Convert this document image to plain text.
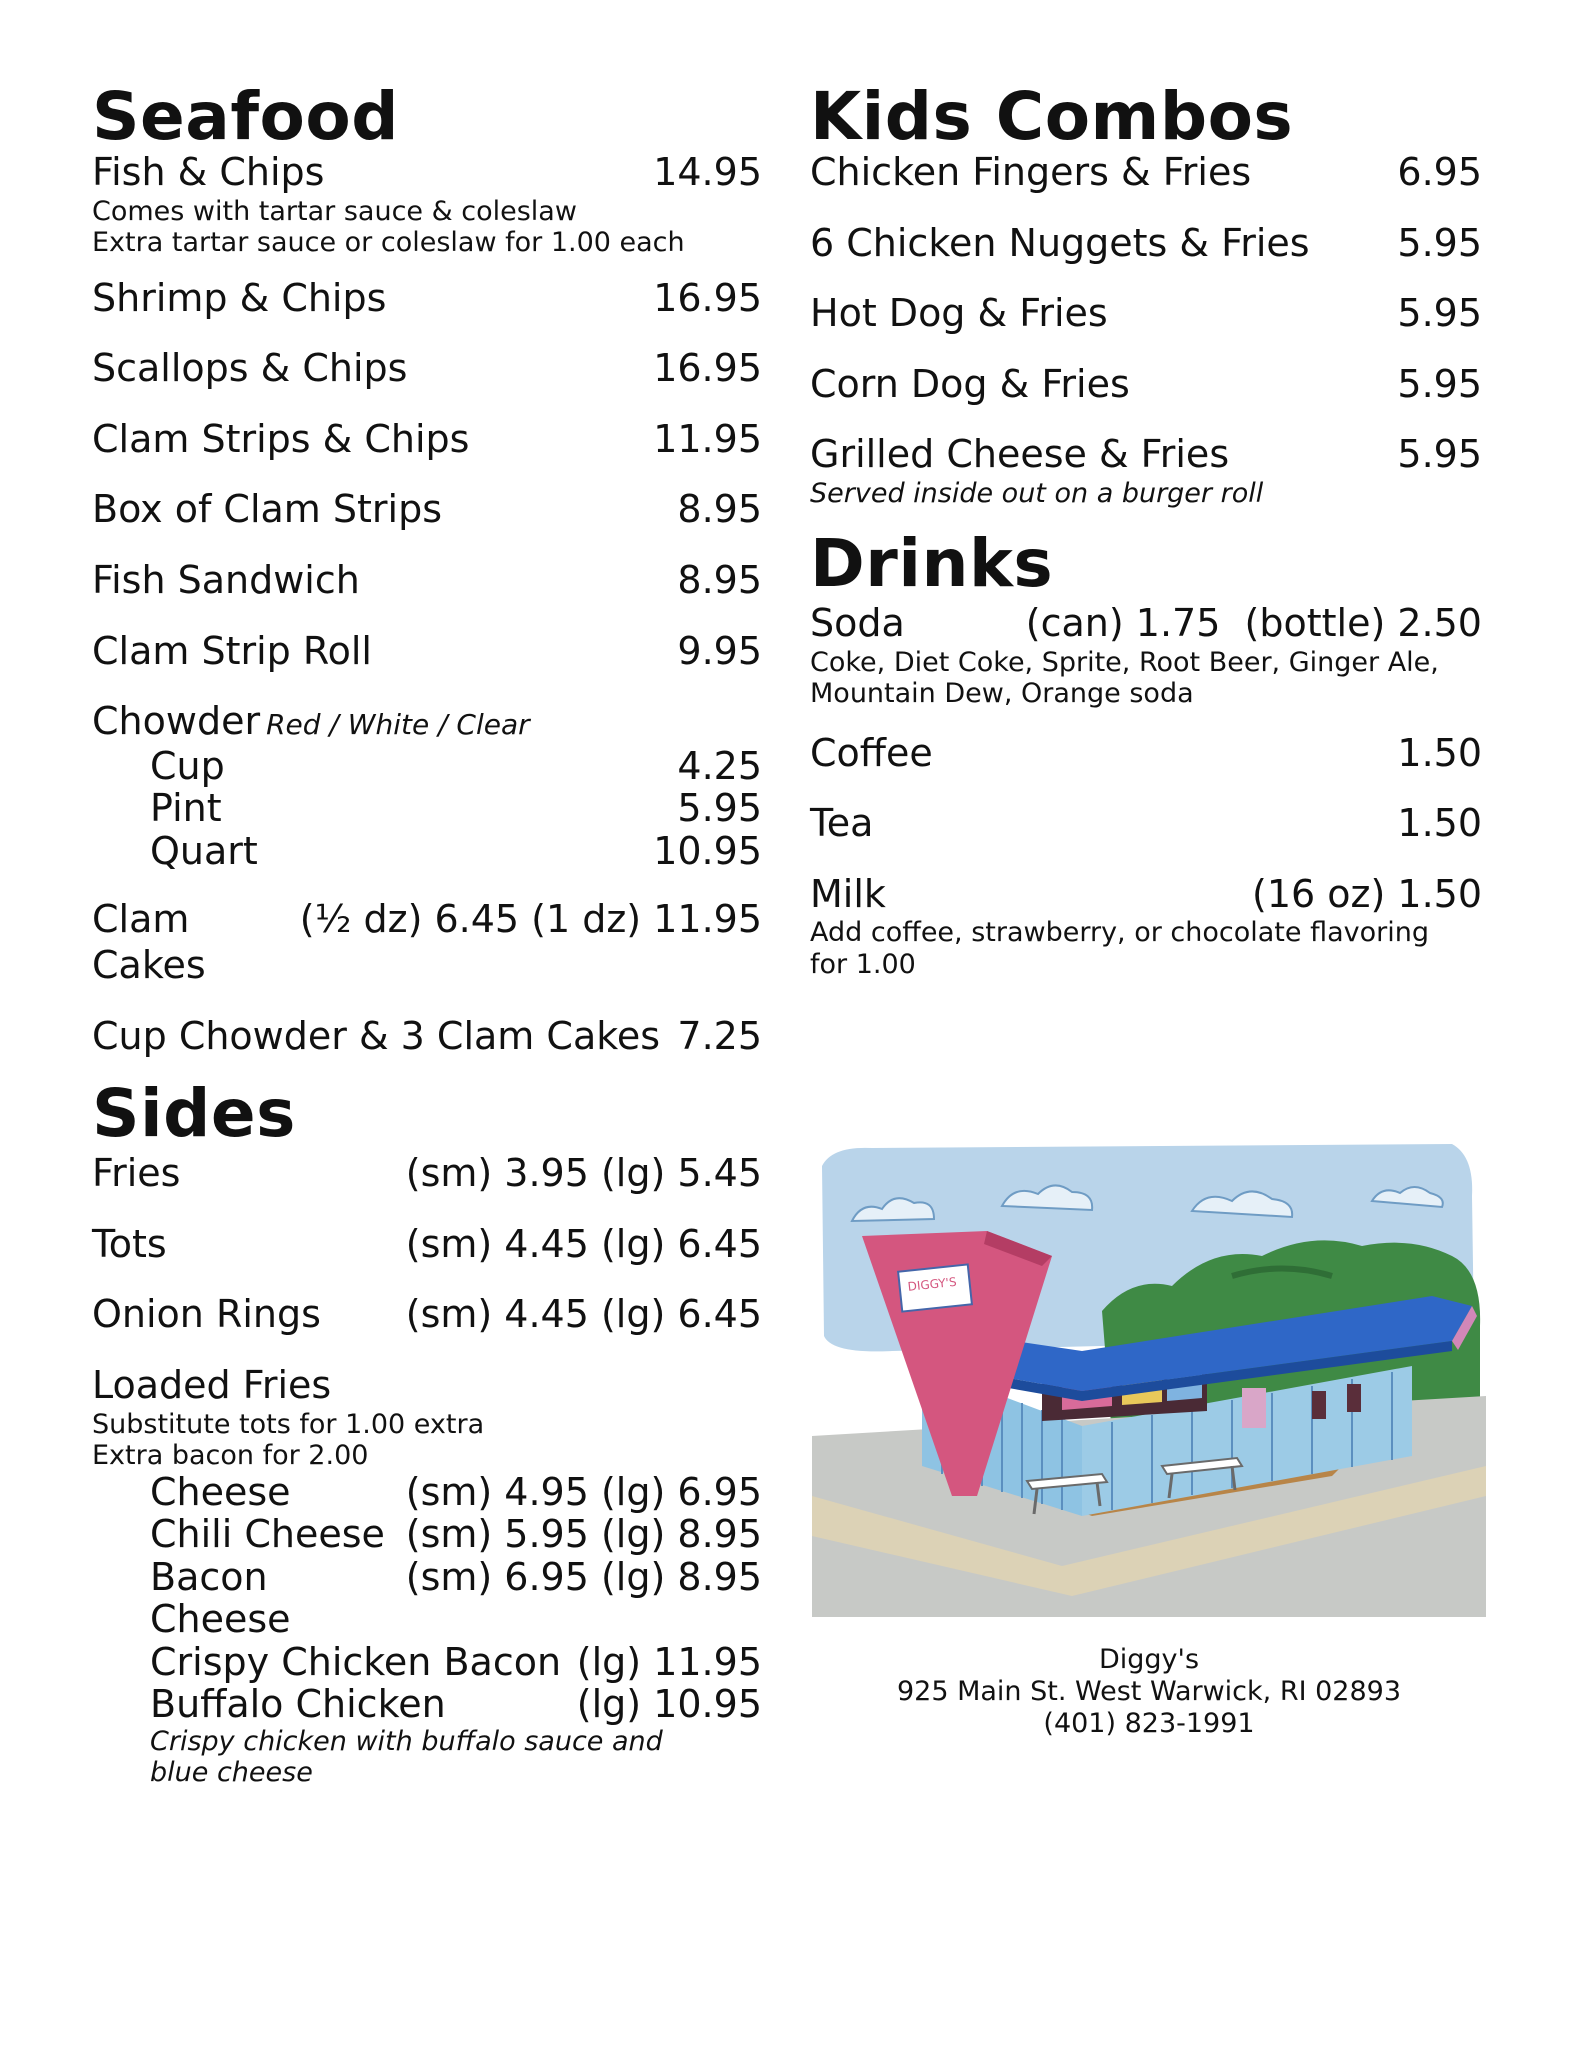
Seafood
Fish & Chips	14.95
Comes with tartar sauce & coleslaw
Extra tartar sauce or coleslaw for 1.00 each
Shrimp & Chips	16.95
Scallops & Chips	16.95
Clam Strips & Chips	11.95
Box of Clam Strips	8.95
Fish Sandwich	8.95
Clam Strip Roll	9.95
Chowder Red / White / Clear
Cup	4.25
Pint	5.95
Quart	10.95
Clam Cakes
(½ dz) 6.45 (1 dz) 11.95
Cup Chowder & 3 Clam Cakes 7.25
Sides
Fries	(sm) 3.95 (lg) 5.45
Tots	(sm) 4.45 (lg) 6.45
Onion Rings (sm) 4.45 (lg) 6.45
Loaded Fries
Substitute tots for 1.00 extra
Extra bacon for 2.00
Cheese	(sm) 4.95 (lg) 6.95
Chili Cheese (sm) 5.95 (lg) 8.95
Bacon Cheese
(sm) 6.95 (lg) 8.95
Crispy Chicken Bacon (lg) 11.95
Buffalo Chicken	(lg) 10.95
Crispy chicken with buffalo sauce and blue cheese
Kids Combos
Chicken Fingers & Fries	6.95
6 Chicken Nuggets & Fries 5.95
Hot Dog & Fries	5.95
Corn Dog & Fries	5.95
Grilled Cheese & Fries	5.95
Served inside out on a burger roll
Drinks
Soda	(can) 1.75  (bottle) 2.50
Coke, Diet Coke, Sprite, Root Beer, Ginger Ale,
Mountain Dew, Orange soda
Coffee	1.50
Tea	1.50
Milk	(16 oz) 1.50
Add coffee, strawberry, or chocolate flavoring
for 1.00
DIGGY'S
Diggy's
925 Main St. West Warwick, RI 02893
(401) 823-1991
